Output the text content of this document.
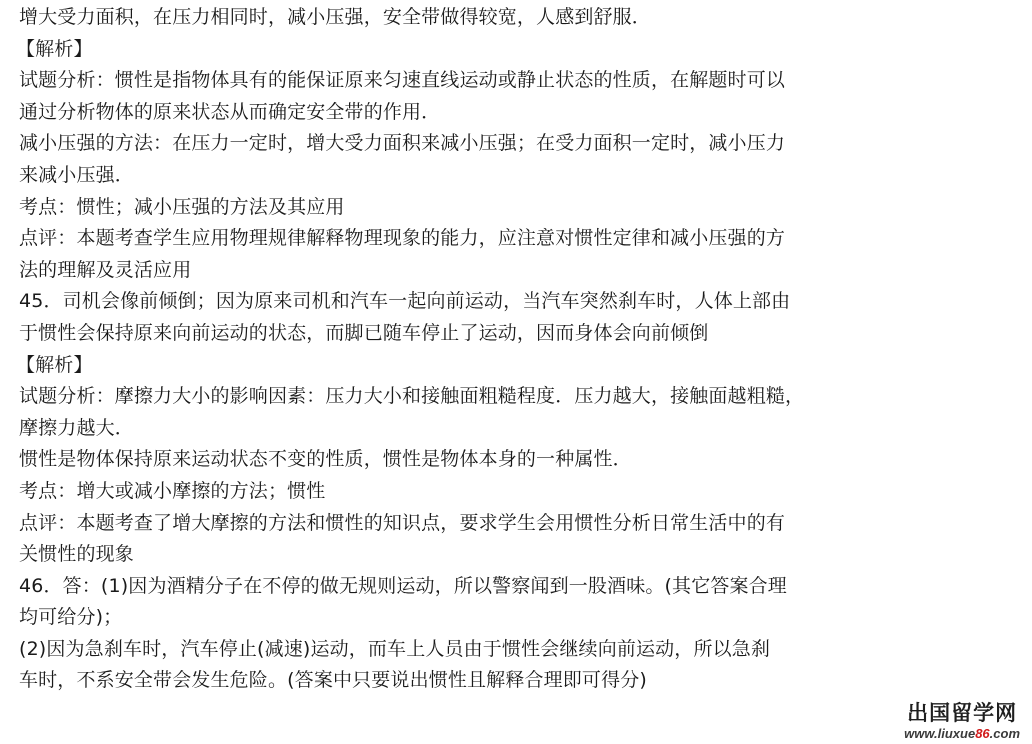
增大受力面积，在压力相同时，减小压强，安全带做得较宽，人感到舒服．
【解析】
试题分析：惯性是指物体具有的能保证原来匀速直线运动或静止状态的性质，在解题时可以
通过分析物体的原来状态从而确定安全带的作用．
减小压强的方法：在压力一定时，增大受力面积来减小压强；在受力面积一定时，减小压力
来减小压强．
考点：惯性；减小压强的方法及其应用
点评：本题考查学生应用物理规律解释物理现象的能力，应注意对惯性定律和减小压强的方
法的理解及灵活应用
45．司机会像前倾倒；因为原来司机和汽车一起向前运动，当汽车突然刹车时，人体上部由
于惯性会保持原来向前运动的状态，而脚已随车停止了运动，因而身体会向前倾倒
【解析】
试题分析：摩擦力大小的影响因素：压力大小和接触面粗糙程度．压力越大，接触面越粗糙，
摩擦力越大．
惯性是物体保持原来运动状态不变的性质，惯性是物体本身的一种属性．
考点：增大或减小摩擦的方法；惯性
点评：本题考查了增大摩擦的方法和惯性的知识点，要求学生会用惯性分析日常生活中的有
关惯性的现象
46．答：(1)因为酒精分子在不停的做无规则运动，所以警察闻到一股酒味。(其它答案合理
均可给分)；
(2)因为急刹车时，汽车停止(减速)运动，而车上人员由于惯性会继续向前运动，所以急刹
车时，不系安全带会发生危险。(答案中只要说出惯性且解释合理即可得分)
出国留学网
www.liuxue86.com
